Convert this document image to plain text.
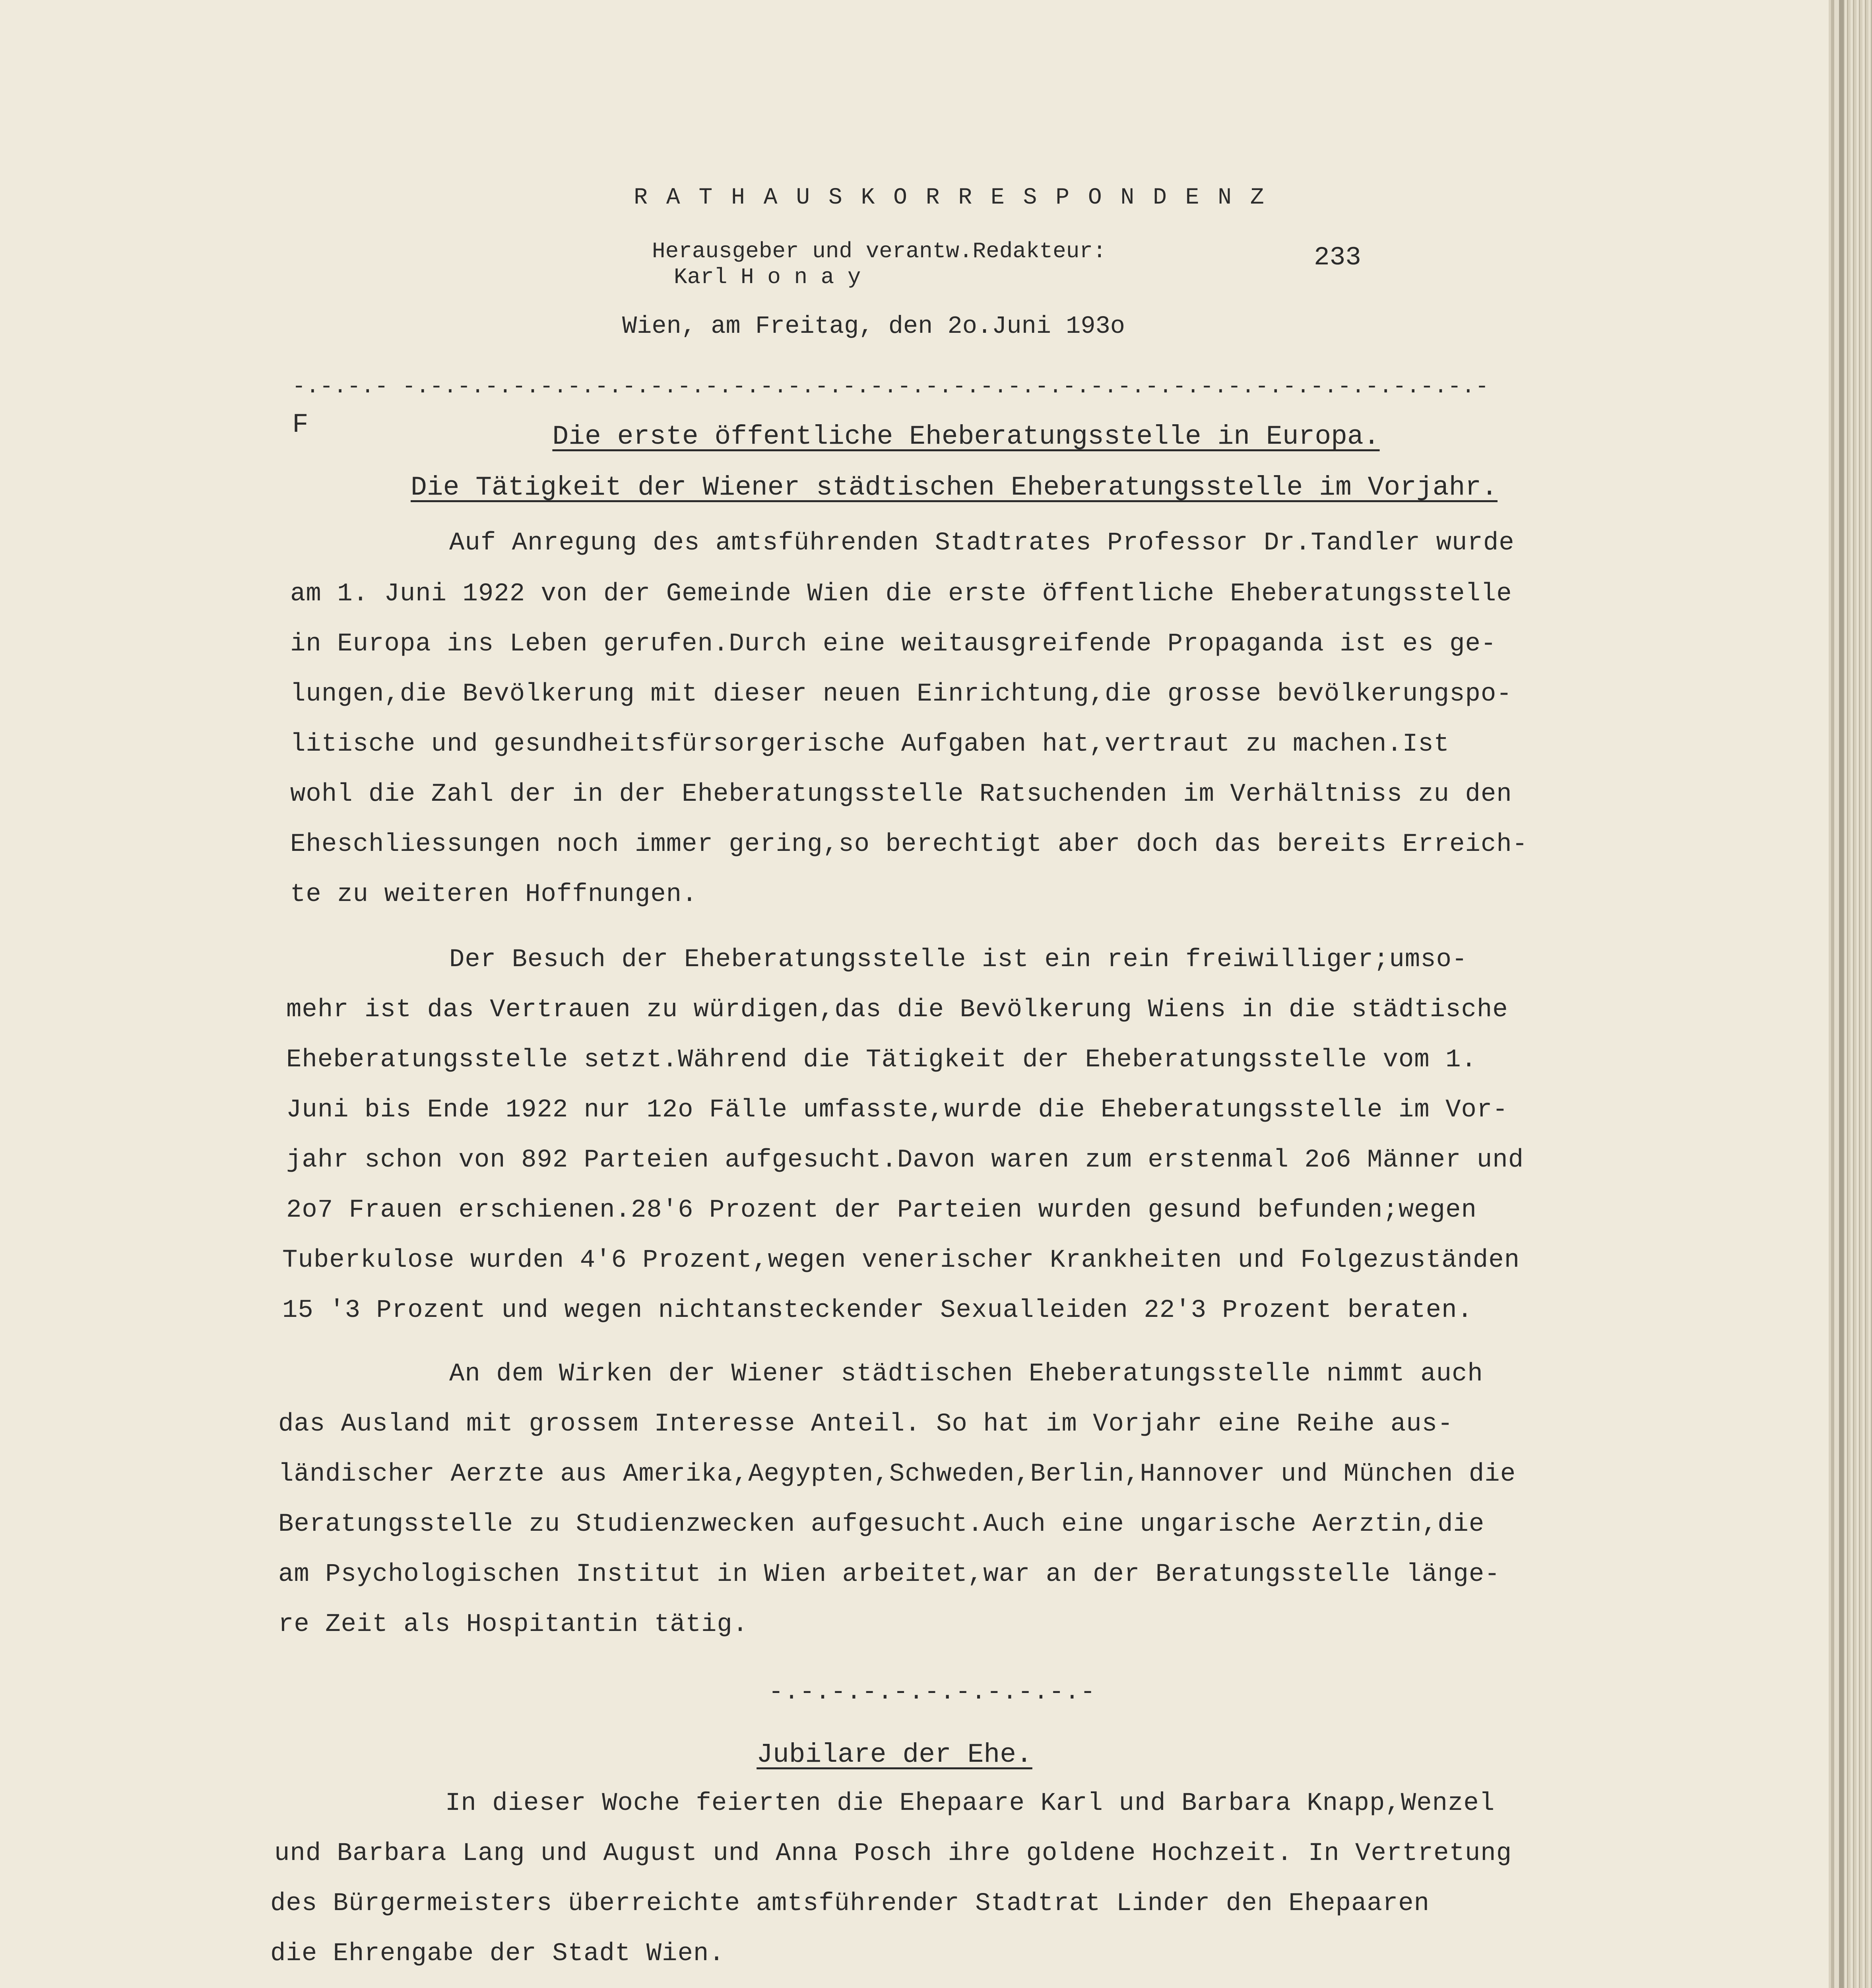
R A T H A U S K O R R E S P O N D E N Z
Herausgeber und verantw.Redakteur:
Karl H o n a y
233
Wien, am Freitag, den 2o.Juni 193o
-.-.-.- -.-.-.-.-.-.-.-.-.-.-.-.-.-.-.-.-.-.-.-.-.-.-.-.-.-.-.-.-.-.-.-.-.-.-.-.-.-.-.-
F	Die erste öffentliche Eheberatungsstelle in Europa.
Die Tätigkeit der Wiener städtischen Eheberatungsstelle im Vorjahr.
Auf Anregung des amtsführenden Stadtrates Professor Dr.Tandler wurde
am 1. Juni 1922 von der Gemeinde Wien die erste öffentliche Eheberatungsstelle
in Europa ins Leben gerufen.Durch eine weitausgreifende Propaganda ist es ge-
lungen,die Bevölkerung mit dieser neuen Einrichtung,die grosse bevölkerungspo-
litische und gesundheitsfürsorgerische Aufgaben hat,vertraut zu machen.Ist
wohl die Zahl der in der Eheberatungsstelle Ratsuchenden im Verhältniss zu den
Eheschliessungen noch immer gering,so berechtigt aber doch das bereits Erreich-
te zu weiteren Hoffnungen.
Der Besuch der Eheberatungsstelle ist ein rein freiwilliger;umso-
mehr ist das Vertrauen zu würdigen,das die Bevölkerung Wiens in die städtische
Eheberatungsstelle setzt.Während die Tätigkeit der Eheberatungsstelle vom 1.
Juni bis Ende 1922 nur 12o Fälle umfasste,wurde die Eheberatungsstelle im Vor-
jahr schon von 892 Parteien aufgesucht.Davon waren zum erstenmal 2o6 Männer und
2o7 Frauen erschienen.28'6 Prozent der Parteien wurden gesund befunden;wegen
Tuberkulose wurden 4'6 Prozent,wegen venerischer Krankheiten und Folgezuständen
15 '3 Prozent und wegen nichtansteckender Sexualleiden 22'3 Prozent beraten.
An dem Wirken der Wiener städtischen Eheberatungsstelle nimmt auch
das Ausland mit grossem Interesse Anteil. So hat im Vorjahr eine Reihe aus-
ländischer Aerzte aus Amerika,Aegypten,Schweden,Berlin,Hannover und München die
Beratungsstelle zu Studienzwecken aufgesucht.Auch eine ungarische Aerztin,die
am Psychologischen Institut in Wien arbeitet,war an der Beratungsstelle länge-
re Zeit als Hospitantin tätig.
-.-.-.-.-.-.-.-.-.-.-
Jubilare der Ehe.
In dieser Woche feierten die Ehepaare Karl und Barbara Knapp,Wenzel
und Barbara Lang und August und Anna Posch ihre goldene Hochzeit. In Vertretung
des Bürgermeisters überreichte amtsführender Stadtrat Linder den Ehepaaren
die Ehrengabe der Stadt Wien.
